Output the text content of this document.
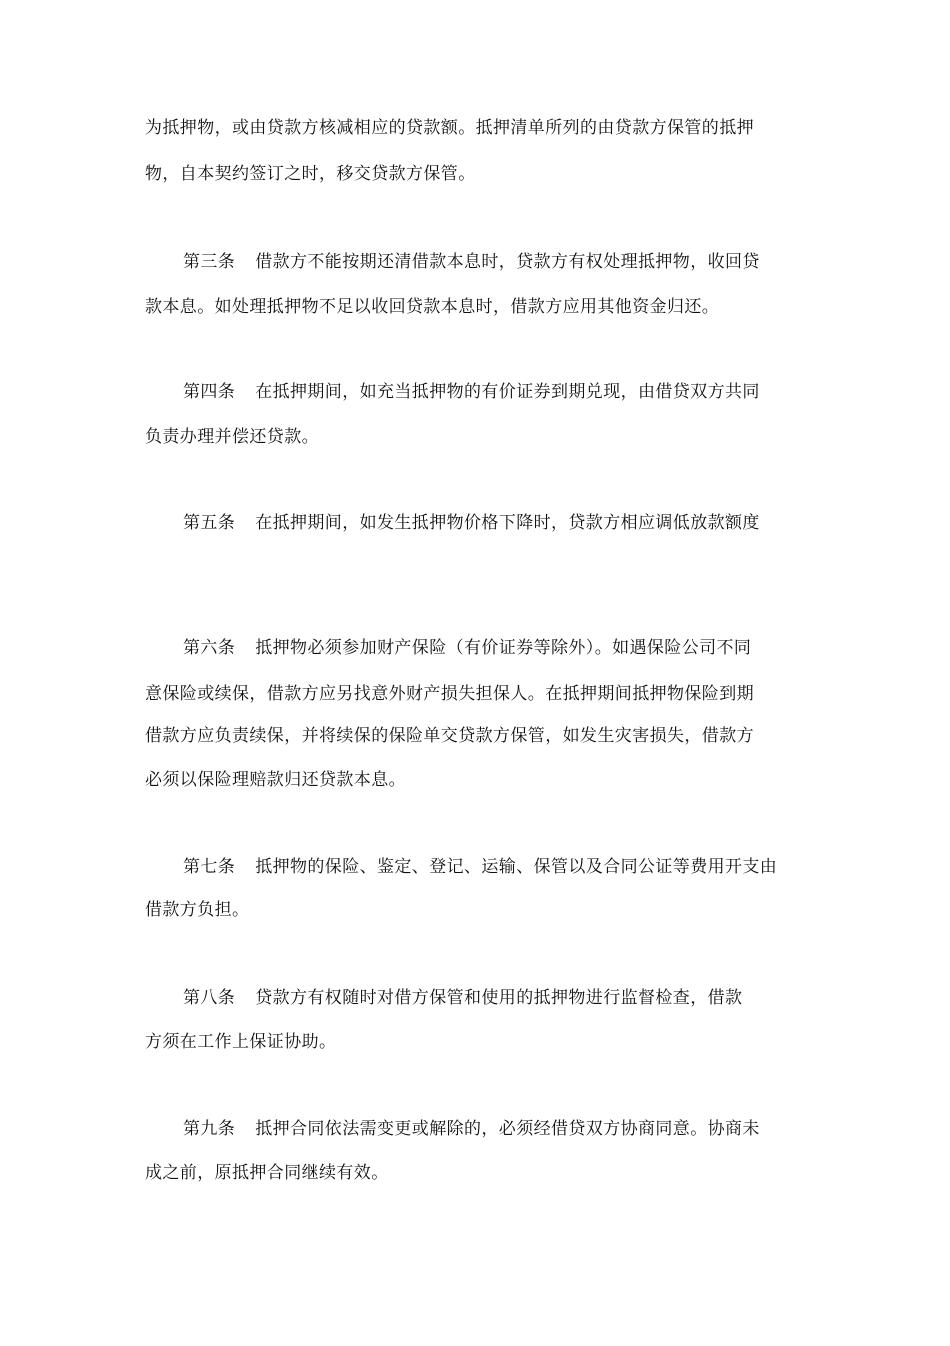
为抵押物，或由贷款方核减相应的贷款额。抵押清单所列的由贷款方保管的抵押
物，自本契约签订之时，移交贷款方保管。
第三条 借款方不能按期还清借款本息时，贷款方有权处理抵押物，收回贷
款本息。如处理抵押物不足以收回贷款本息时，借款方应用其他资金归还。
第四条 在抵押期间，如充当抵押物的有价证券到期兑现，由借贷双方共同
负责办理并偿还贷款。
第五条 在抵押期间，如发生抵押物价格下降时，贷款方相应调低放款额度
第六条 抵押物必须参加财产保险（有价证券等除外）。如遇保险公司不同
意保险或续保，借款方应另找意外财产损失担保人。在抵押期间抵押物保险到期
借款方应负责续保，并将续保的保险单交贷款方保管，如发生灾害损失，借款方
必须以保险理赔款归还贷款本息。
第七条 抵押物的保险、鉴定、登记、运输、保管以及合同公证等费用开支由
借款方负担。
第八条 贷款方有权随时对借方保管和使用的抵押物进行监督检查，借款
方须在工作上保证协助。
第九条 抵押合同依法需变更或解除的，必须经借贷双方协商同意。协商未
成之前，原抵押合同继续有效。
